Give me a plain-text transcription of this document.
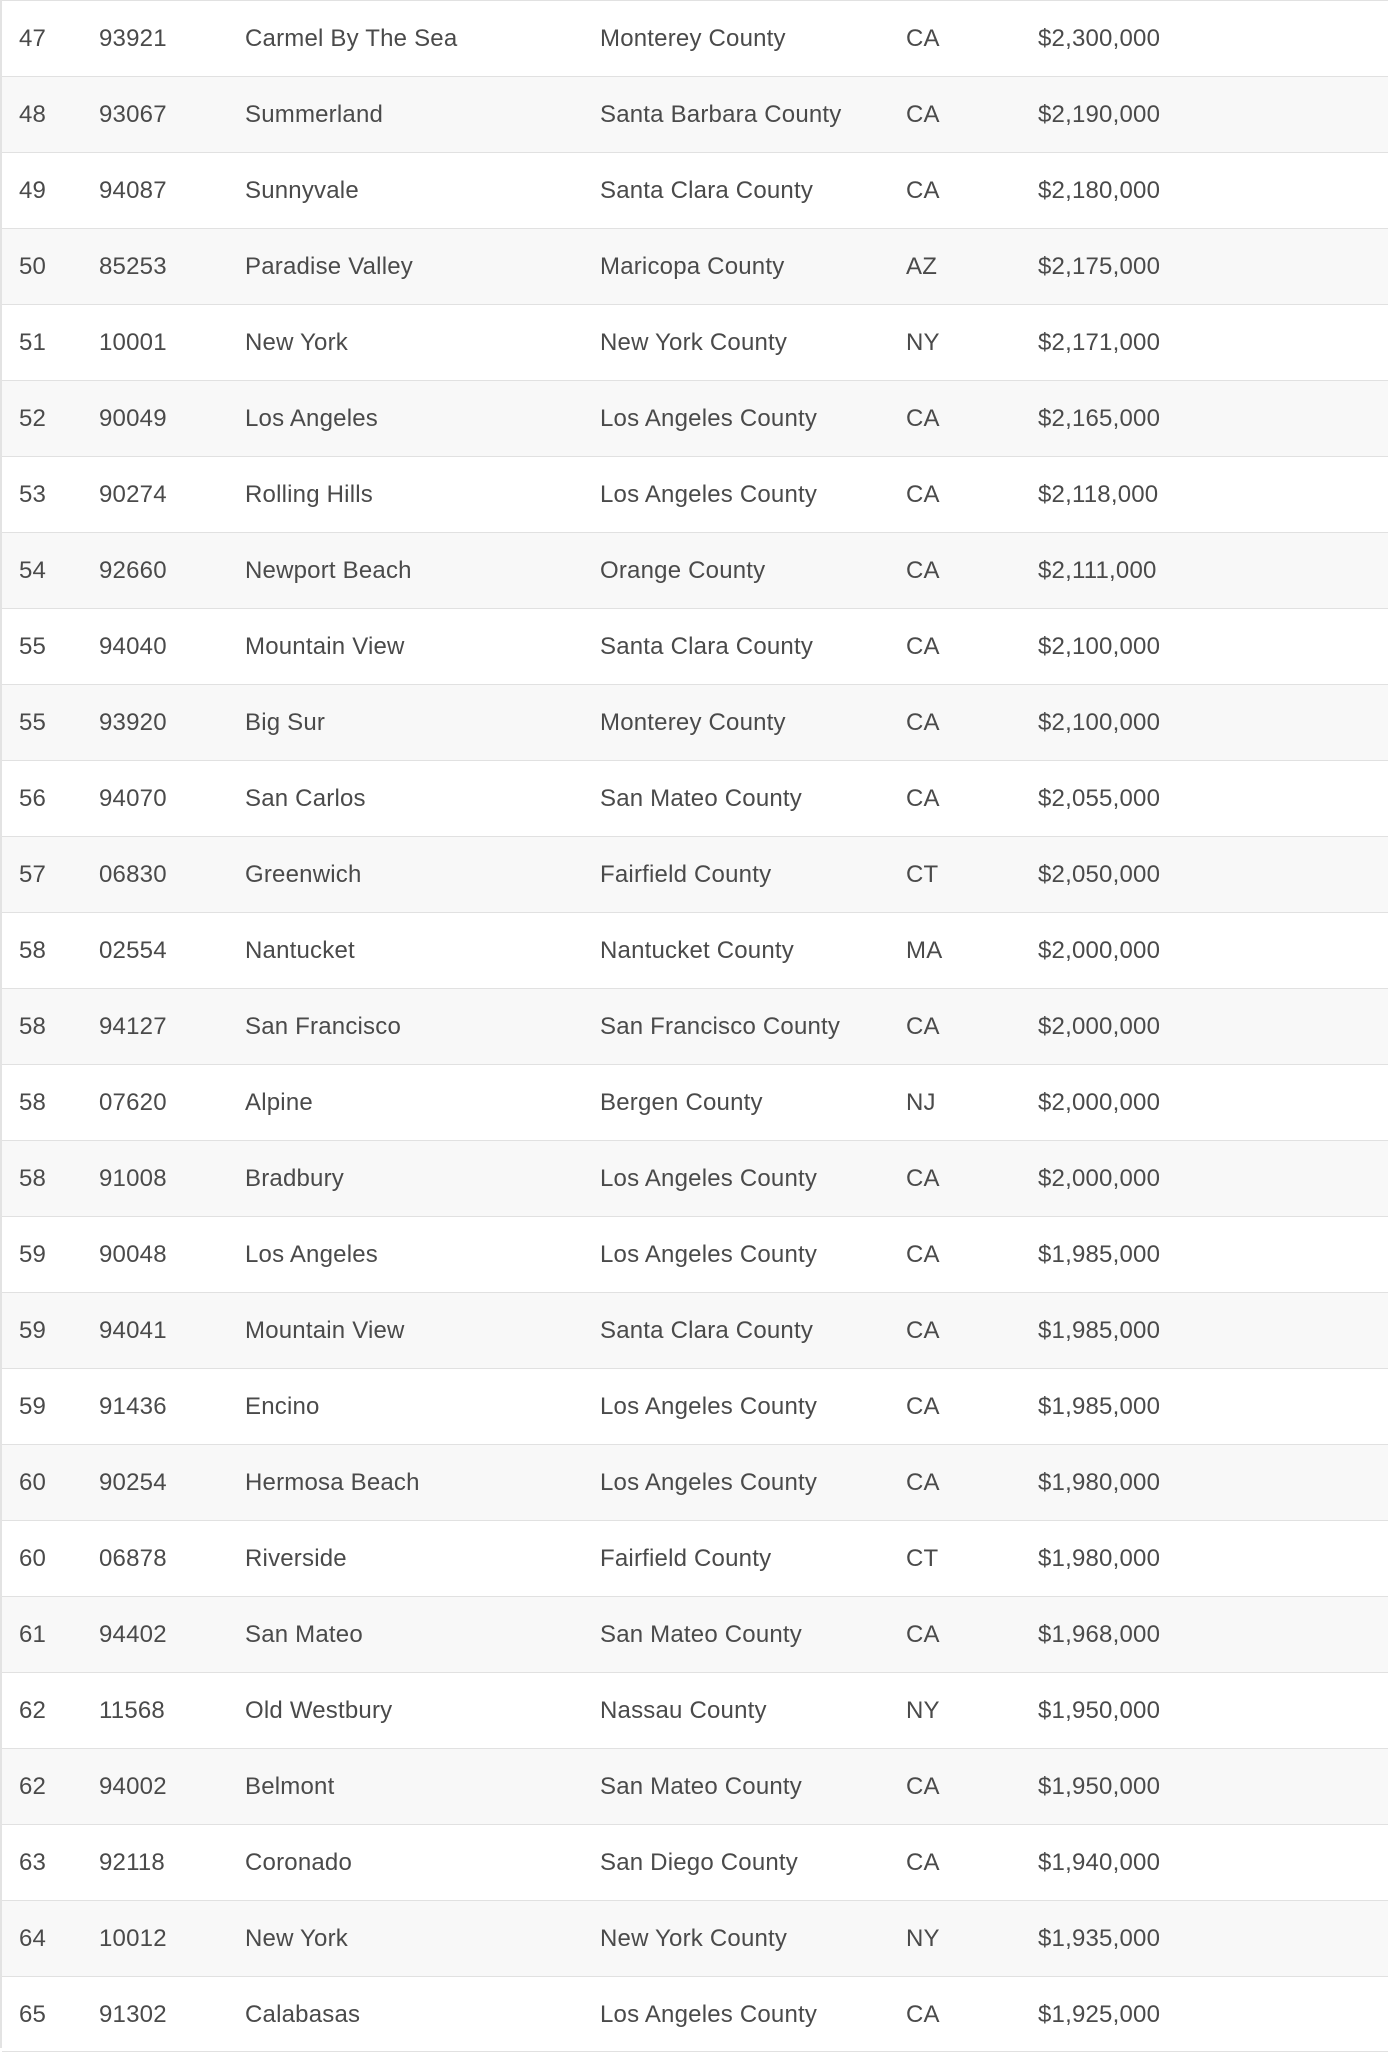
47 93921	Carmel By The Sea	Monterey County	CA	$2,300,000
48 93067	Summerland	Santa Barbara County	CA	$2,190,000
49 94087	Sunnyvale	Santa Clara County	CA	$2,180,000
50 85253	Paradise Valley	Maricopa County	AZ	$2,175,000
51 10001	New York	New York County	NY	$2,171,000
52 90049	Los Angeles	Los Angeles County	CA	$2,165,000
53 90274	Rolling Hills	Los Angeles County	CA	$2,118,000
54 92660	Newport Beach	Orange County	CA	$2,111,000
55 94040	Mountain View	Santa Clara County	CA	$2,100,000
55 93920	Big Sur	Monterey County	CA	$2,100,000
56 94070	San Carlos	San Mateo County	CA	$2,055,000
57 06830	Greenwich	Fairfield County	CT	$2,050,000
58 02554	Nantucket	Nantucket County	MA	$2,000,000
58 94127	San Francisco	San Francisco County	CA	$2,000,000
58 07620	Alpine	Bergen County	NJ	$2,000,000
58 91008	Bradbury	Los Angeles County	CA	$2,000,000
59 90048	Los Angeles	Los Angeles County	CA	$1,985,000
59 94041	Mountain View	Santa Clara County	CA	$1,985,000
59 91436	Encino	Los Angeles County	CA	$1,985,000
60 90254	Hermosa Beach	Los Angeles County	CA	$1,980,000
60 06878	Riverside	Fairfield County	CT	$1,980,000
61 94402	San Mateo	San Mateo County	CA	$1,968,000
62 11568	Old Westbury	Nassau County	NY	$1,950,000
62 94002	Belmont	San Mateo County	CA	$1,950,000
63 92118	Coronado	San Diego County	CA	$1,940,000
64 10012	New York	New York County	NY	$1,935,000
65 91302	Calabasas	Los Angeles County	CA	$1,925,000
